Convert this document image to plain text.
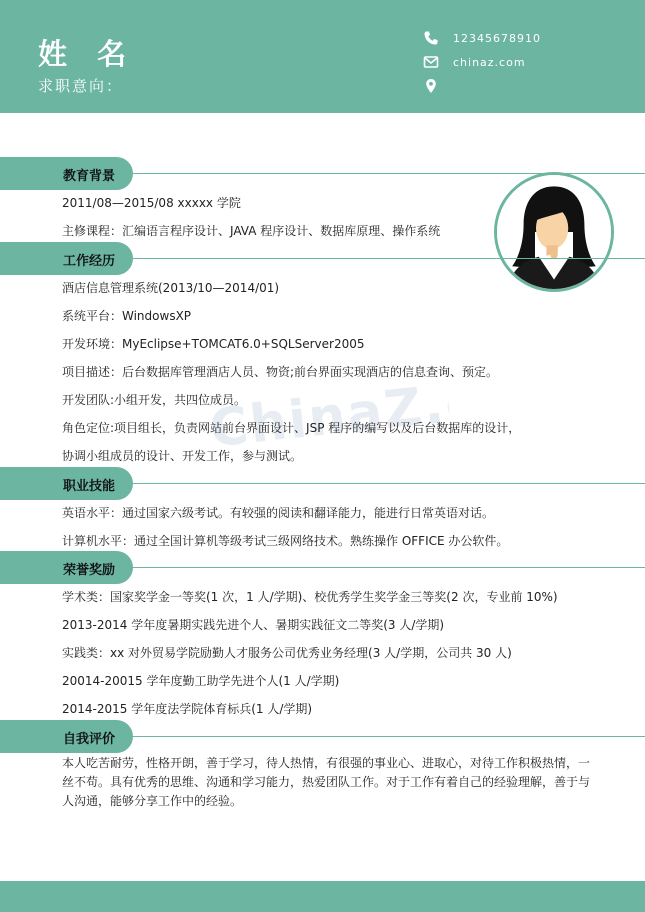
姓 名
求职意向：
12345678910
chinaz.com
ChinaZ.com
教育背景
2011/08—2015/08 xxxxx 学院
主修课程：汇编语言程序设计、JAVA 程序设计、数据库原理、操作系统
工作经历
酒店信息管理系统(2013/10—2014/01)
系统平台：WindowsXP
开发环境：MyEclipse+TOMCAT6.0+SQLServer2005
项目描述：后台数据库管理酒店人员、物资;前台界面实现酒店的信息查询、预定。
开发团队:小组开发，共四位成员。
角色定位:项目组长，负责网站前台界面设计、JSP 程序的编写以及后台数据库的设计，
协调小组成员的设计、开发工作，参与测试。
职业技能
英语水平：通过国家六级考试。有较强的阅读和翻译能力，能进行日常英语对话。
计算机水平：通过全国计算机等级考试三级网络技术。熟练操作 OFFICE 办公软件。
荣誉奖励
学术类：国家奖学金一等奖(1 次，1 人/学期)、校优秀学生奖学金三等奖(2 次，专业前 10%)
2013-2014 学年度暑期实践先进个人、暑期实践征文二等奖(3 人/学期)
实践类：xx 对外贸易学院励勤人才服务公司优秀业务经理(3 人/学期，公司共 30 人)
20014-20015 学年度勤工助学先进个人(1 人/学期)
2014-2015 学年度法学院体育标兵(1 人/学期)
自我评价
本人吃苦耐劳，性格开朗，善于学习，待人热情，有很强的事业心、进取心，对待工作积极热情，一丝不苟。具有优秀的思维、沟通和学习能力，热爱团队工作。对于工作有着自己的经验理解，善于与人沟通，能够分享工作中的经验。
